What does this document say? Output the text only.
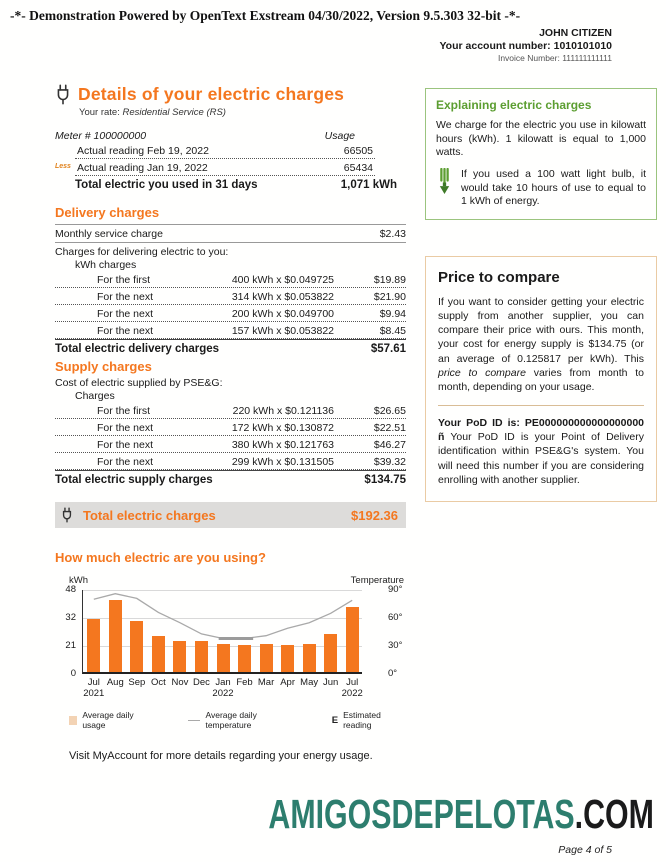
-*- Demonstration Powered by OpenText Exstream 04/30/2022, Version 9.5.303 32-bit -*-
JOHN CITIZEN
Your account number: 1010101010
Invoice Number: 111111111111
Details of your electric charges
Your rate: Residential Service (RS)
Meter # 100000000	Usage
Actual reading Feb 19, 2022	66505
Less Actual reading Jan 19, 2022	65434
Total electric you used in 31 days	1,071 kWh
Delivery charges
Monthly service charge	$2.43
Charges for delivering electric to you:
kWh charges
For the first	400 kWh x $0.049725	$19.89
For the next	314 kWh x $0.053822	$21.90
For the next	200 kWh x $0.049700	$9.94
For the next	157 kWh x $0.053822	$8.45
Total electric delivery charges	$57.61
Supply charges
Cost of electric supplied by PSE&G:
Charges
For the first	220 kWh x $0.121136	$26.65
For the next	172 kWh x $0.130872	$22.51
For the next	380 kWh x $0.121763	$46.27
For the next	299 kWh x $0.131505	$39.32
Total electric supply charges	$134.75
Total electric charges	$192.36
How much electric are you using?
kWh	Temperature
0
21
32
48
0°
30°
60°
90°
Jul
2021
Aug Sep Oct Nov Dec Jan
2022
Feb Mar Apr May Jun Jul
2022
Average daily usage
Average daily temperature	E Estimated reading
Visit MyAccount for more details regarding your energy usage.
Explaining electric charges

We charge for the electric you use in kilowatt hours (kWh). 1 kilowatt is equal to 1,000 watts.

If you used a 100 watt light bulb, it would take 10 hours of use to equal to 1 kWh of energy.

Price to compare

If you want to consider getting your electric supply from another supplier, you can compare their price with ours. This month, your cost for energy supply is $134.75 (or an average of 0.125817 per kWh). This price to compare varies from month to month, depending on your usage.

Your PoD ID is: PE000000000000000000 ñ Your PoD ID is your Point of Delivery identification within PSE&G's system. You will need this number if you are considering enrolling with another supplier.

AMIGOSDEPELOTAS.COM
Page 4 of 5
